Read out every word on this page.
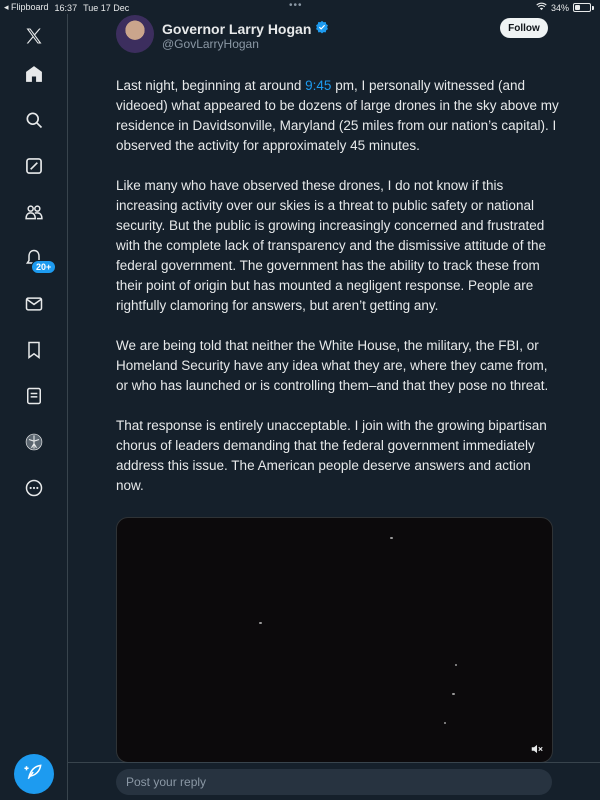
◂ Flipboard 16:37 Tue 17 Dec	•••	34%
20+
Governor Larry Hogan
@GovLarryHogan
Follow

Last night, beginning at around 9:45 pm, I personally witnessed (and videoed) what appeared to be dozens of large drones in the sky above my residence in Davidsonville, Maryland (25 miles from our nation’s capital). I observed the activity for approximately 45 minutes.

Like many who have observed these drones, I do not know if this increasing activity over our skies is a threat to public safety or national security. But the public is growing increasingly concerned and frustrated with the complete lack of transparency and the dismissive attitude of the federal government. The government has the ability to track these from their point of origin but has mounted a negligent response. People are rightfully clamoring for answers, but aren’t getting any.

We are being told that neither the White House, the military, the FBI, or Homeland Security have any idea what they are, where they came from, or who has launched or is controlling them–and that they pose no threat.

That response is entirely unacceptable. I join with the growing bipartisan chorus of leaders demanding that the federal government immediately address this issue. The American people deserve answers and action now.

Post your reply
